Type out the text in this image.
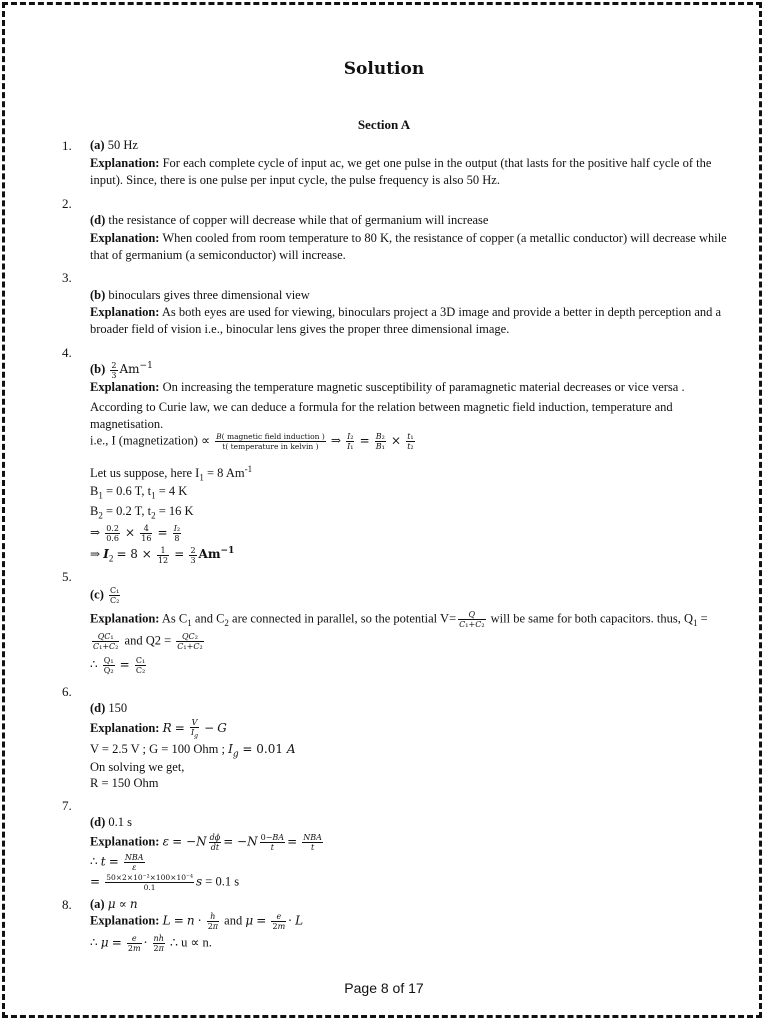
Solution
Section A
1. (a) 50 Hz
Explanation: For each complete cycle of input ac, we get one pulse in the output (that lasts for the positive half cycle of the input). Since, there is one pulse per input cycle, the pulse frequency is also 50 Hz.
2.
(d) the resistance of copper will decrease while that of germanium will increase
Explanation: When cooled from room temperature to 80 K, the resistance of copper (a metallic conductor) will decrease while that of germanium (a semiconductor) will increase.
3.
(b) binoculars gives three dimensional view
Explanation: As both eyes are used for viewing, binoculars project a 3D image and provide a better in depth perception and a broader field of vision i.e., binocular lens gives the proper three dimensional image.
4.
$(b) \frac{2}{3} Am^{-1}$
Explanation: On increasing the temperature magnetic susceptibility of paramagnetic material decreases or vice versa .
According to Curie law, we can deduce a formula for the relation between magnetic field induction, temperature and magnetisation.
i.e., I (magnetization) ∝ $\frac{\text{B( magnetic field induction )}}{\text{t( temperature in kelvin )}}$ ⇒ $\frac{\text{I₂}}{\text{I₁}} = \frac{\text{B₂}}{\text{B₁}} \times \frac{\text{t₁}}{\text{t₂}}$
Let us suppose, here $I_1 = 8$ $Am^{-1}$
$B_1 = 0.6$ T, $t_1 = 4$ K
$B_2 = 0.2$ T, $t_2 = 16$ K
⇒ $\frac{0.2}{0.6} \times \frac{4}{16} = \frac{\text{I₂}}{8}$
⇒ $I_2 = 8 \times \frac{1}{12} = \frac{2}{3} Am^{-1}$
5.
$(c) \frac{\text{C₁}}{\text{C₂}}$
Explanation: As $C_1$ and $C_2$ are connected in parallel, so the potential $V= \frac{Q}{\text{C₁+C₂}}$ will be same for both capacitors. thus, $Q_1$ =
$\frac{\text{QC₁}}{\text{C₁+C₂}}$ and $Q2 = \frac{\text{QC₂}}{\text{C₁+C₂}}$
∴ $\frac{\text{Q₁}}{\text{Q₂}} = \frac{\text{C₁}}{\text{C₂}}$
6.
(d) 150
Explanation: $R = \frac{V}{I_g} - G$
V = 2.5 V ; G = 100 Ohm ; $I_g = 0.01$ A
On solving we get,
R = 150 Ohm
7.
(d) 0.1 s
Explanation: $\varepsilon = -N \frac{d\phi}{dt} = -N \frac{0-BA}{t} = \frac{\text{NBA}}{t}$
∴ $t = \frac{\text{NBA}}{\varepsilon}$
= $\frac{\text{50×2×10⁻²×100×10⁻⁴}}{0.1}$ s = 0.1 s
8. (a) μ ∝ n
Explanation: $L = n \cdot \frac{h}{2\pi}$ and $\mu = \frac{e}{2m} \cdot L$
∴ $\mu = \frac{e}{2m} \cdot \frac{nh}{2\pi}$ ∴ u ∝ n.
Page 8 of 17
